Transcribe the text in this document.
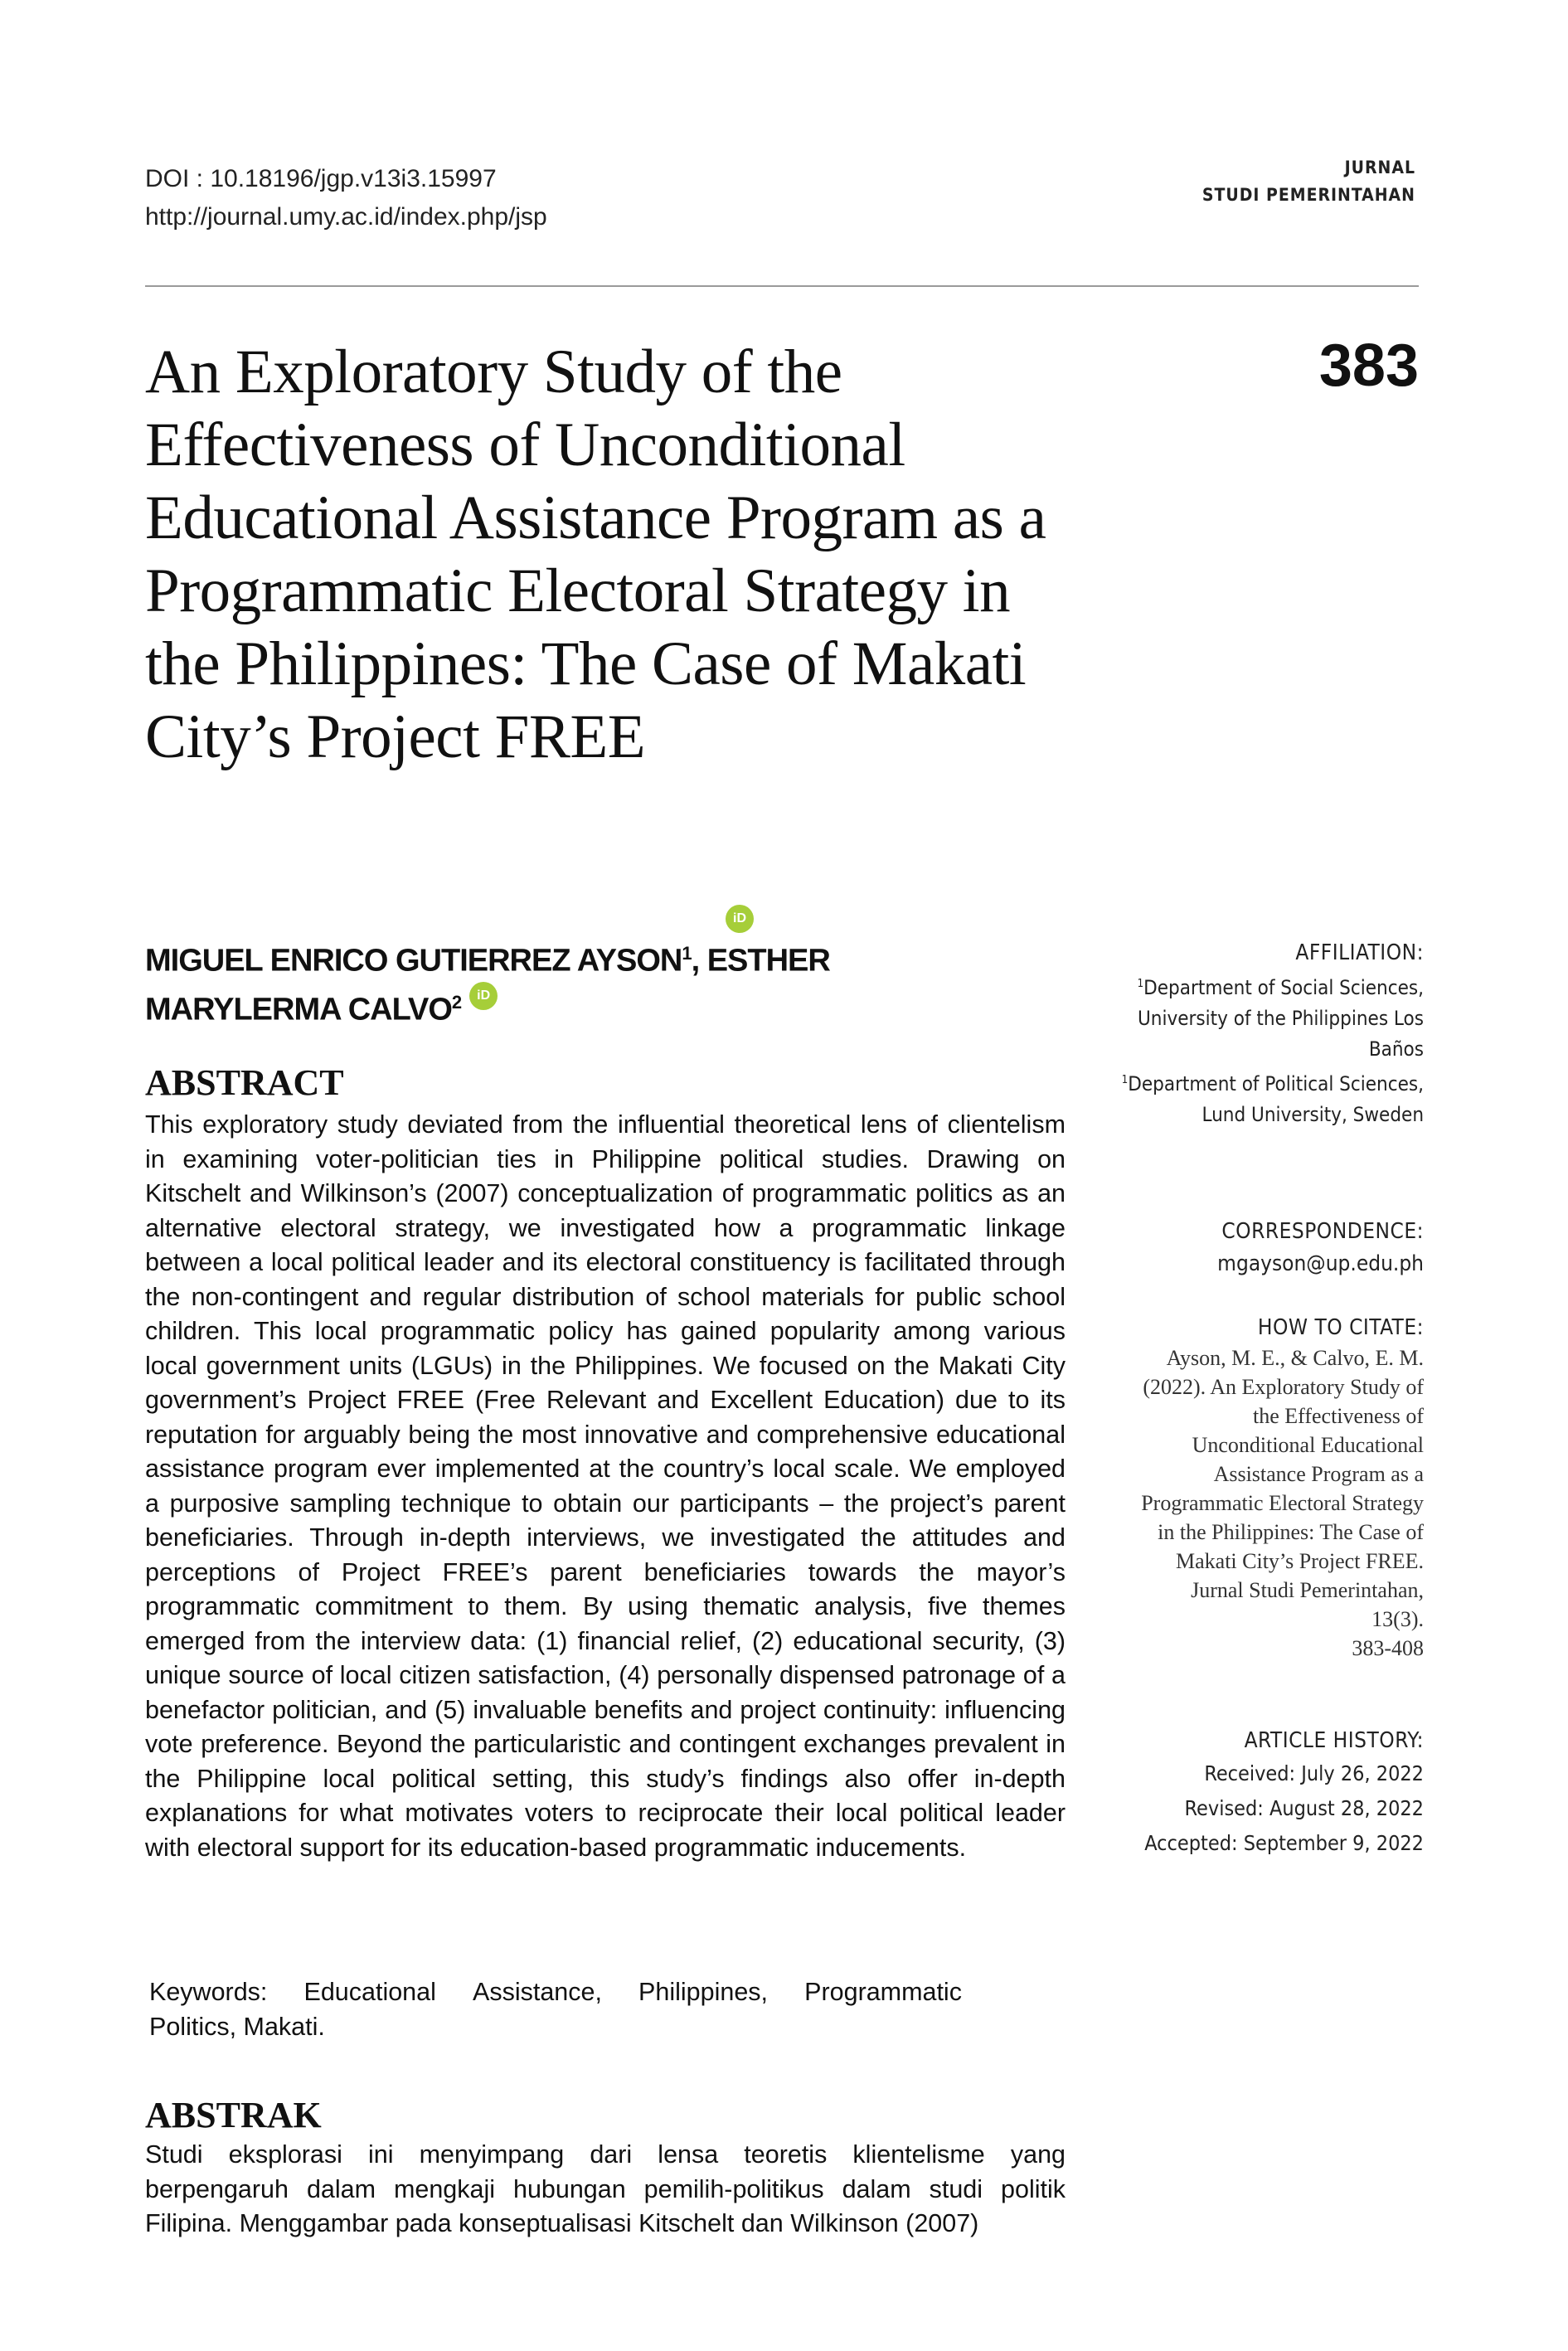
DOI : 10.18196/jgp.v13i3.15997
http://journal.umy.ac.id/index.php/jsp
JURNAL
STUDI PEMERINTAHAN
383
An Exploratory Study of the Effectiveness of Unconditional Educational Assistance Program as a Programmatic Electoral Strategy in the Philippines: The Case of Makati City’s Project FREE
iD
MIGUEL ENRICO GUTIERREZ AYSON$^1$, ESTHER
MARYLERMA CALVO$^2$ iD
ABSTRACT

This exploratory study deviated from the influential theoretical lens of clientelism in examining voter-politician ties in Philippine political studies. Drawing on Kitschelt and Wilkinson’s (2007) conceptualization of programmatic politics as an alternative electoral strategy, we investigated how a programmatic linkage between a local political leader and its electoral constituency is facilitated through the non-contingent and regular distribution of school materials for public school children. This local programmatic policy has gained popularity among various local government units (LGUs) in the Philippines. We focused on the Makati City government’s Project FREE (Free Relevant and Excellent Education) due to its reputation for arguably being the most innovative and comprehensive educational assistance program ever implemented at the country’s local scale. We employed a purposive sampling technique to obtain our participants – the project’s parent beneficiaries. Through in-depth interviews, we investigated the attitudes and perceptions of Project FREE’s parent beneficiaries towards the mayor’s programmatic commitment to them. By using thematic analysis, five themes emerged from the interview data: (1) financial relief, (2) educational security, (3) unique source of local citizen satisfaction, (4) personally dispensed patronage of a benefactor politician, and (5) invaluable benefits and project continuity: influencing vote preference. Beyond the particularistic and contingent exchanges prevalent in the Philippine local political setting, this study’s findings also offer in-depth explanations for what motivates voters to reciprocate their local political leader with electoral support for its education-based programmatic inducements.

Keywords: Educational Assistance, Philippines, Programmatic
Politics, Makati.
ABSTRAK

Studi eksplorasi ini menyimpang dari lensa teoretis klientelisme yang berpengaruh dalam mengkaji hubungan pemilih-politikus dalam studi politik Filipina. Menggambar pada konseptualisasi Kitschelt dan Wilkinson (2007)

AFFILIATION:
$^1$Department of Social Sciences,
University of the Philippines Los
Baños
$^1$Department of Political Sciences,
Lund University, Sweden
CORRESPONDENCE:
mgayson@up.edu.ph
HOW TO CITATE:
Ayson, M. E., & Calvo, E. M.
(2022). An Exploratory Study of
the Effectiveness of
Unconditional Educational
Assistance Program as a
Programmatic Electoral Strategy
in the Philippines: The Case of
Makati City’s Project FREE.
Jurnal Studi Pemerintahan,
13(3).
383-408
ARTICLE HISTORY:
Received: July 26, 2022
Revised: August 28, 2022
Accepted: September 9, 2022
